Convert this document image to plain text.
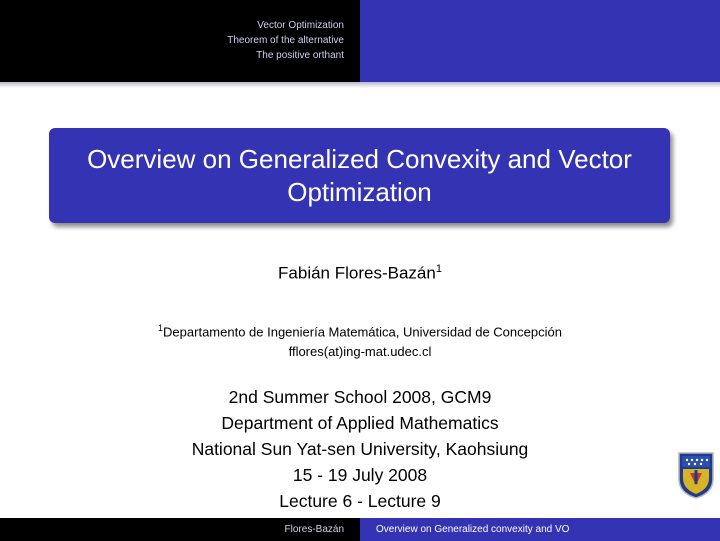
Vector Optimization
Theorem of the alternative
The positive orthant
Overview on Generalized Convexity and Vector Optimization
Fabián Flores-Bazán$^1$
$^1$Departamento de Ingeniería Matemática, Universidad de Concepción
fflores(at)ing-mat.udec.cl
2nd Summer School 2008, GCM9
Department of Applied Mathematics
National Sun Yat-sen University, Kaohsiung
15 - 19 July 2008
Lecture 6 - Lecture 9
Flores-Bazán	Overview on Generalized convexity and VO
